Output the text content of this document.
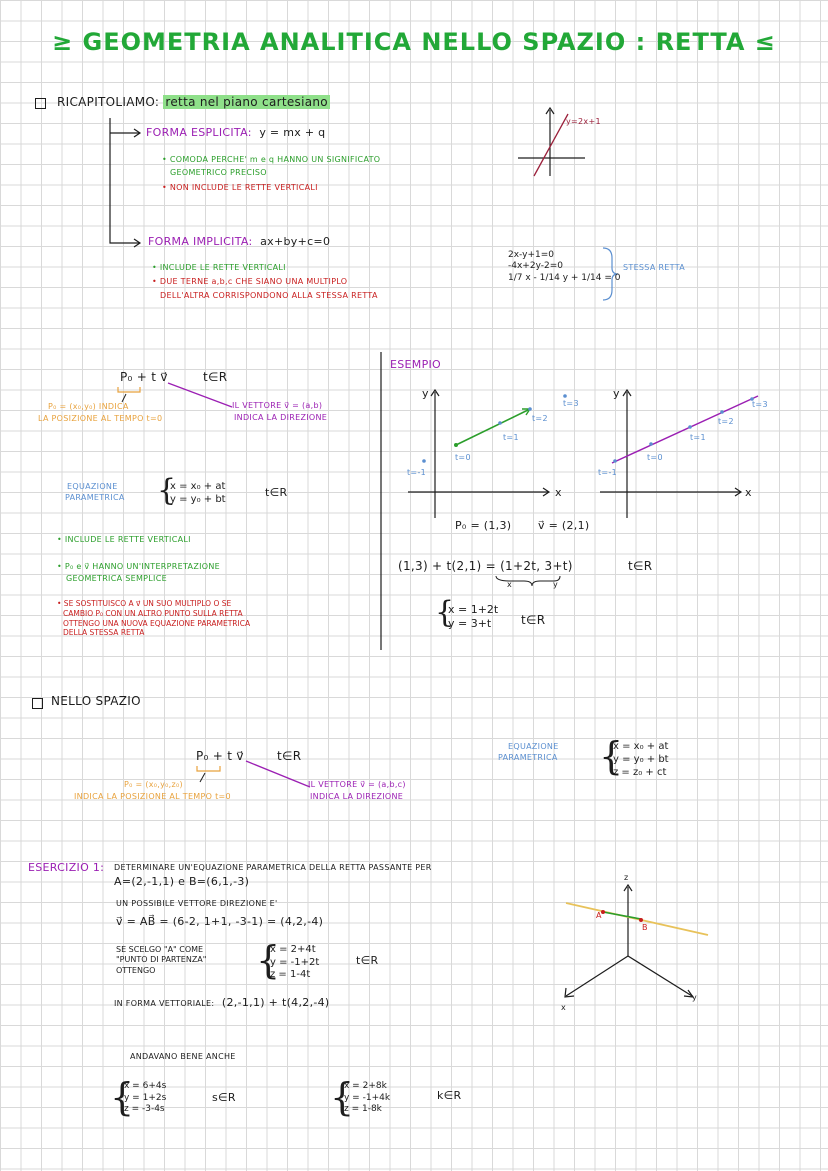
≥ GEOMETRIA ANALITICA NELLO SPAZIO : RETTA ≤
RICAPITOLIAMO: retta nel piano cartesiano
FORMA ESPLICITA: y = mx + q
• COMODA PERCHE' m e q HANNO UN SIGNIFICATO
GEOMETRICO PRECISO
• NON INCLUDE LE RETTE VERTICALI
y=2x+1
FORMA IMPLICITA: ax+by+c=0
• INCLUDE LE RETTE VERTICALI
• DUE TERNE a,b,c CHE SIANO UNA MULTIPLO
DELL'ALTRA CORRISPONDONO ALLA STESSA RETTA
2x-y+1=0
-4x+2y-2=0
1/7 x - 1/14 y + 1/14 = 0
STESSA RETTA
P₀ + t v⃗	t∈R
P₀ = (x₀,y₀) INDICA
LA POSIZIONE AL TEMPO t=0
IL VETTORE v⃗ = (a,b)
INDICA LA DIREZIONE
EQUAZIONE
PARAMETRICA {
x = x₀ + at
y = y₀ + bt	t∈R
• INCLUDE LE RETTE VERTICALI
• P₀ e v⃗ HANNO UN'INTERPRETAZIONE
GEOMETRICA SEMPLICE
• SE SOSTITUISCO A v⃗ UN SUO MULTIPLO O SE
CAMBIO P₀ CON UN ALTRO PUNTO SULLA RETTA
OTTENGO UNA NUOVA EQUAZIONE PARAMETRICA
DELLA STESSA RETTA
ESEMPIO
y
x
t=-1
t=0
t=1
t=2
t=3
y
x
t=-1
t=0
t=1
t=2
t=3
P₀ = (1,3) v⃗ = (2,1)
(1,3) + t(2,1) = (1+2t, 3+t)
x	y
t∈R
{
x = 1+2t
y = 3+t	t∈R
NELLO SPAZIO
P₀ + t v⃗	t∈R
P₀ = (x₀,y₀,z₀)
INDICA LA POSIZIONE AL TEMPO t=0
IL VETTORE v⃗ = (a,b,c)
INDICA LA DIREZIONE
EQUAZIONE
PARAMETRICA {
x = x₀ + at
y = y₀ + bt
z = z₀ + ct
ESERCIZIO 1: DETERMINARE UN'EQUAZIONE PARAMETRICA DELLA RETTA PASSANTE PER
A=(2,-1,1) e B=(6,1,-3)
UN POSSIBILE VETTORE DIREZIONE E'
v⃗ = AB⃗ = (6-2, 1+1, -3-1) = (4,2,-4)
SE SCELGO "A" COME
"PUNTO DI PARTENZA"
OTTENGO	{
x = 2+4t
y = -1+2t
z = 1-4t
t∈R
IN FORMA VETTORIALE: (2,-1,1) + t(4,2,-4)
ANDAVANO BENE ANCHE
{
x = 6+4s
y = 1+2s
z = -3-4s
s∈R {
x = 2+8k
y = -1+4k
z = 1-8k
k∈R
z
y
x
A
B
